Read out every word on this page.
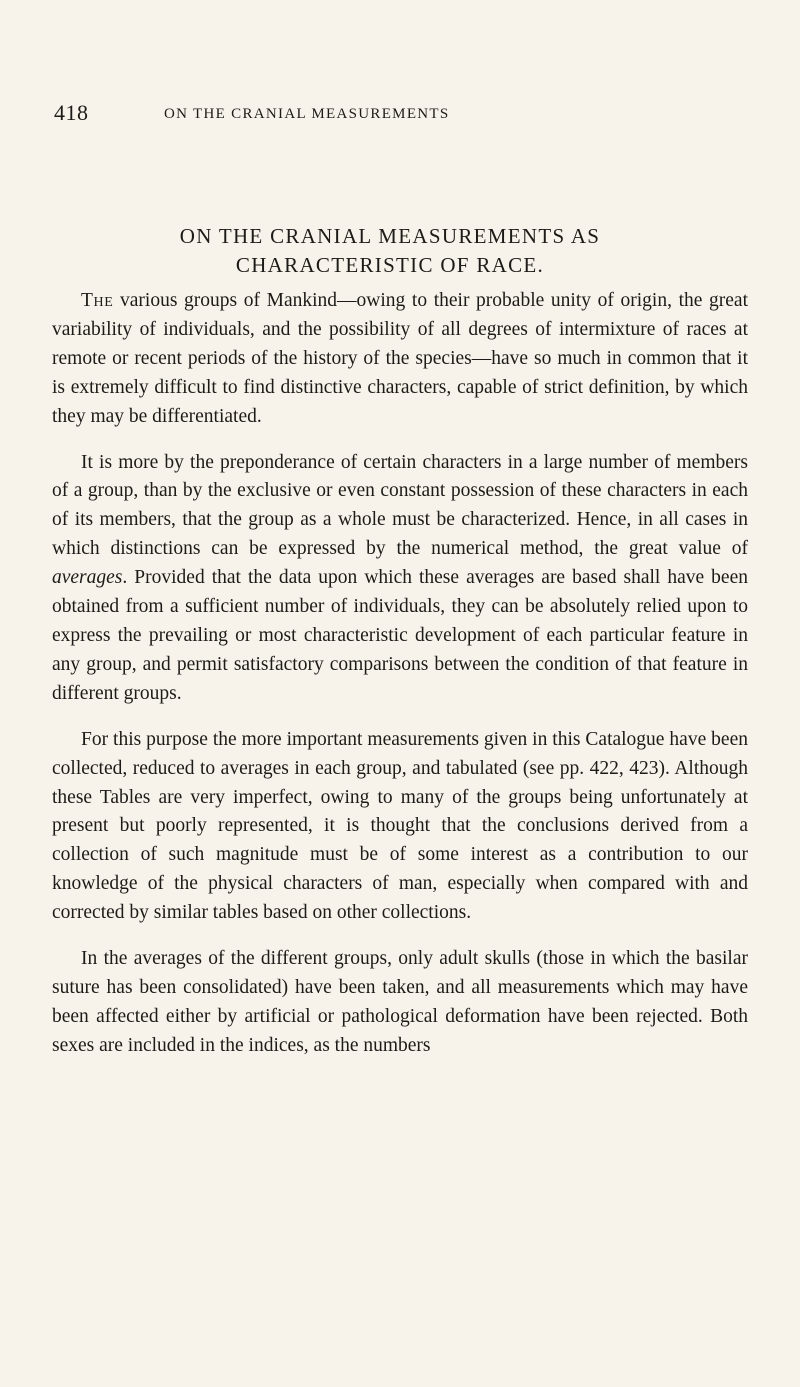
418	ON THE CRANIAL MEASUREMENTS
ON THE CRANIAL MEASUREMENTS AS
CHARACTERISTIC OF RACE.

The various groups of Mankind—owing to their probable unity of origin, the great variability of individuals, and the possibility of all degrees of intermixture of races at remote or recent periods of the history of the species—have so much in common that it is extremely difficult to find distinctive characters, capable of strict definition, by which they may be differentiated.

It is more by the preponderance of certain characters in a large number of members of a group, than by the exclusive or even constant possession of these characters in each of its members, that the group as a whole must be characterized. Hence, in all cases in which distinctions can be expressed by the numerical method, the great value of averages. Provided that the data upon which these averages are based shall have been obtained from a sufficient number of individuals, they can be absolutely relied upon to express the prevailing or most characteristic development of each particular feature in any group, and permit satisfactory comparisons between the condition of that feature in different groups.

For this purpose the more important measurements given in this Catalogue have been collected, reduced to averages in each group, and tabulated (see pp. 422, 423). Although these Tables are very imperfect, owing to many of the groups being unfortunately at present but poorly represented, it is thought that the conclusions derived from a collection of such magnitude must be of some interest as a contribution to our knowledge of the physical characters of man, especially when compared with and corrected by similar tables based on other collections.

In the averages of the different groups, only adult skulls (those in which the basilar suture has been consolidated) have been taken, and all measurements which may have been affected either by artificial or pathological deformation have been rejected. Both sexes are included in the indices, as the numbers
